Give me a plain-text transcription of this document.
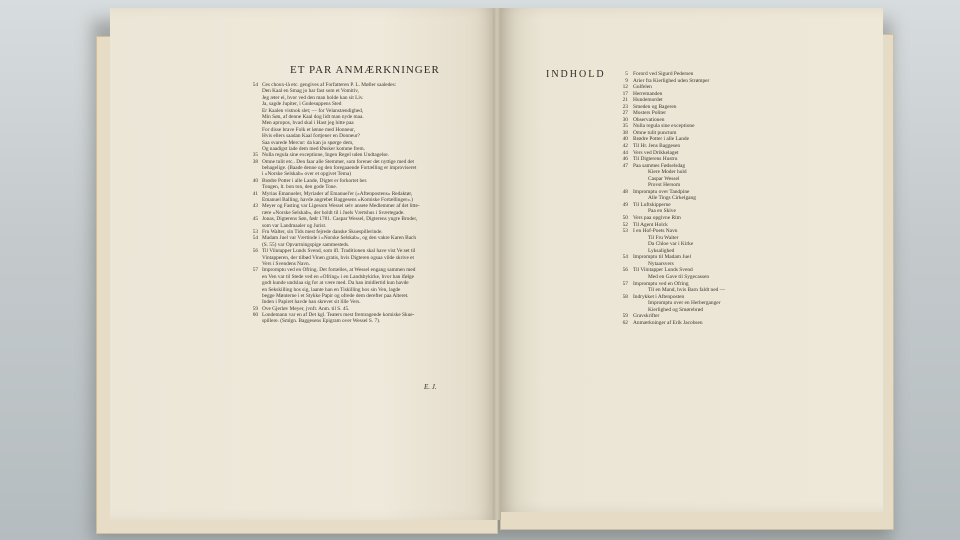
ET PAR ANMÆRKNINGER
54 Ces choux-là etc. gengives af Forfatteren P. L. Møller saaledes:
Den Kaal en Smag jo har fast som et Vomitiv,
Jeg æter ei, hvor ved den man holde kan sit Liv.
Ja, sagde Jupiter, i Gudesuppens Sted
Er Kaalen vistnok slet; — for Velanstændighed,
Min Søn, af denne Kaal dog lidt man nyde maa.
Men apropos, hvad skal i Hast jeg hitte paa
For disse brave Folk et lønne med Honneur,
Hvis ellers saadan Kaal fortjener en Donneur?
Saa svarede Mercur: da kan jo spørge dem,
Og naadigst lade dem med Ønsker komme frem.
35 Nulla regula sine exceptione, Ingen Regel uden Undtagelse.
38 Omne tulit etc.. Den faar alle Stemmer, som forener det nyttige med det
behagelige. (Baade denne og den foregaaende Fortælling er improviseret
i »Norske Selskab« over et opgivet Tema)
40 Brødre Potter i alle Lande, Digtet er forkortet her.
Tongen, lt. bon ton, den gode Tone.
41 Myrias Emanueler, Myriader af Emanuel'er (»Aftenpostens« Redaktør,
Emanuel Balling, havde angrebet Baggesens »Komiske Fortællinger«.)
43 Meyer og Fasting var Ligesom Wessel selv ansete Medlemmer af det litte-
rære »Norske Selskab«, der holdt til i Juels Værtshus i Sværtegade.
45 Jonas, Digterens Søn, fødr 1781. Caspar Wessel, Digterens yngre Broder,
som var Landmaaler og Jurist.
53 Fru Walter, sin Tids mest fejrede danske Skuespillerinde.
54 Madam Juel var Værtinde i »Norske Selskab«, og den vakre Karen Bach
(S. 55) var Opvartningspige sammesteds.
56 Til Viintapper Lunds Svend, som ifl. Traditionen skal have vist Ve:set til
Vintapperen, der tilbød Vinen gratis, hvis Digteren ogsaa vilde skrive et
Vers i Svendens Navn.
57 Impromptu ved en Ofring. Det fortælles, at Wessel engang sammen med
en Ven var til Stede ved en »Ofring« i en Landsbykirke, hvor han ifølge
godt kunde undslaa sig for at være med. Da han imidlertid kun havde
en Sekskilling hos sig, laante han en Tiskilling hos sin Ven, lagde
begge Mønterne i et Stykke Papir og ofrede dem derefter paa Alteret.
Inden i Papiret havde han skrevet sit lille Vers.
59 Ove Gjerløv Meyer, jvnfr. Anm. til S. 45.
60 Londemann var en af Det kgl. Teaters mest fremragende komiske Skue-
spillere. (Smlgn. Baggesens Epigram over Wessel S. 7).
E. J.
INDHOLD	5 Forord ved Sigurd Pedersen
9 Arier fra Kierlighed uden Strømper
12 Gulfelen
17 Herremanden
21 Hundemordet
23 Smeden og Bageren
27 Mosters Politer
30 Observationen
35 Nulla regula sine exceptione
38 Omne tulit punctum
40 Brødre Potter i alle Lande
42 Til Hr. Jens Baggesen
44 Vers ved Drikkelaget
46 Til Digterens Hustru
47 Paa sammes Fødselsdag
Kiere Moder huld
Caspar Wessel
Provst Hersom
48 Impromptu over Tandpine
Alle Tings Cirkelgang
49 Til Luftskipperne
Paa en Skive
50 Vers paa opgivne Rim
52 Til Agent Holck
53 I en Hof-Poets Navn
Til Fru Walter
Da Chloe var i Kirke
Lyksalighed
54 Impromptu til Madam Juel
Nytaarsvers
56 Til Viintapper Lunds Svend
Med en Gave til Sygecassen
57 Impromptu ved en Ofring
Til en Mand, hvis Barn faldt ned —
58 Indrykket i Aftenposten
Impromptu over en Herberganger
Kierlighed og Smørebrød
59 Gravskrifter
62 Anmærkninger af Erik Jacobsen
